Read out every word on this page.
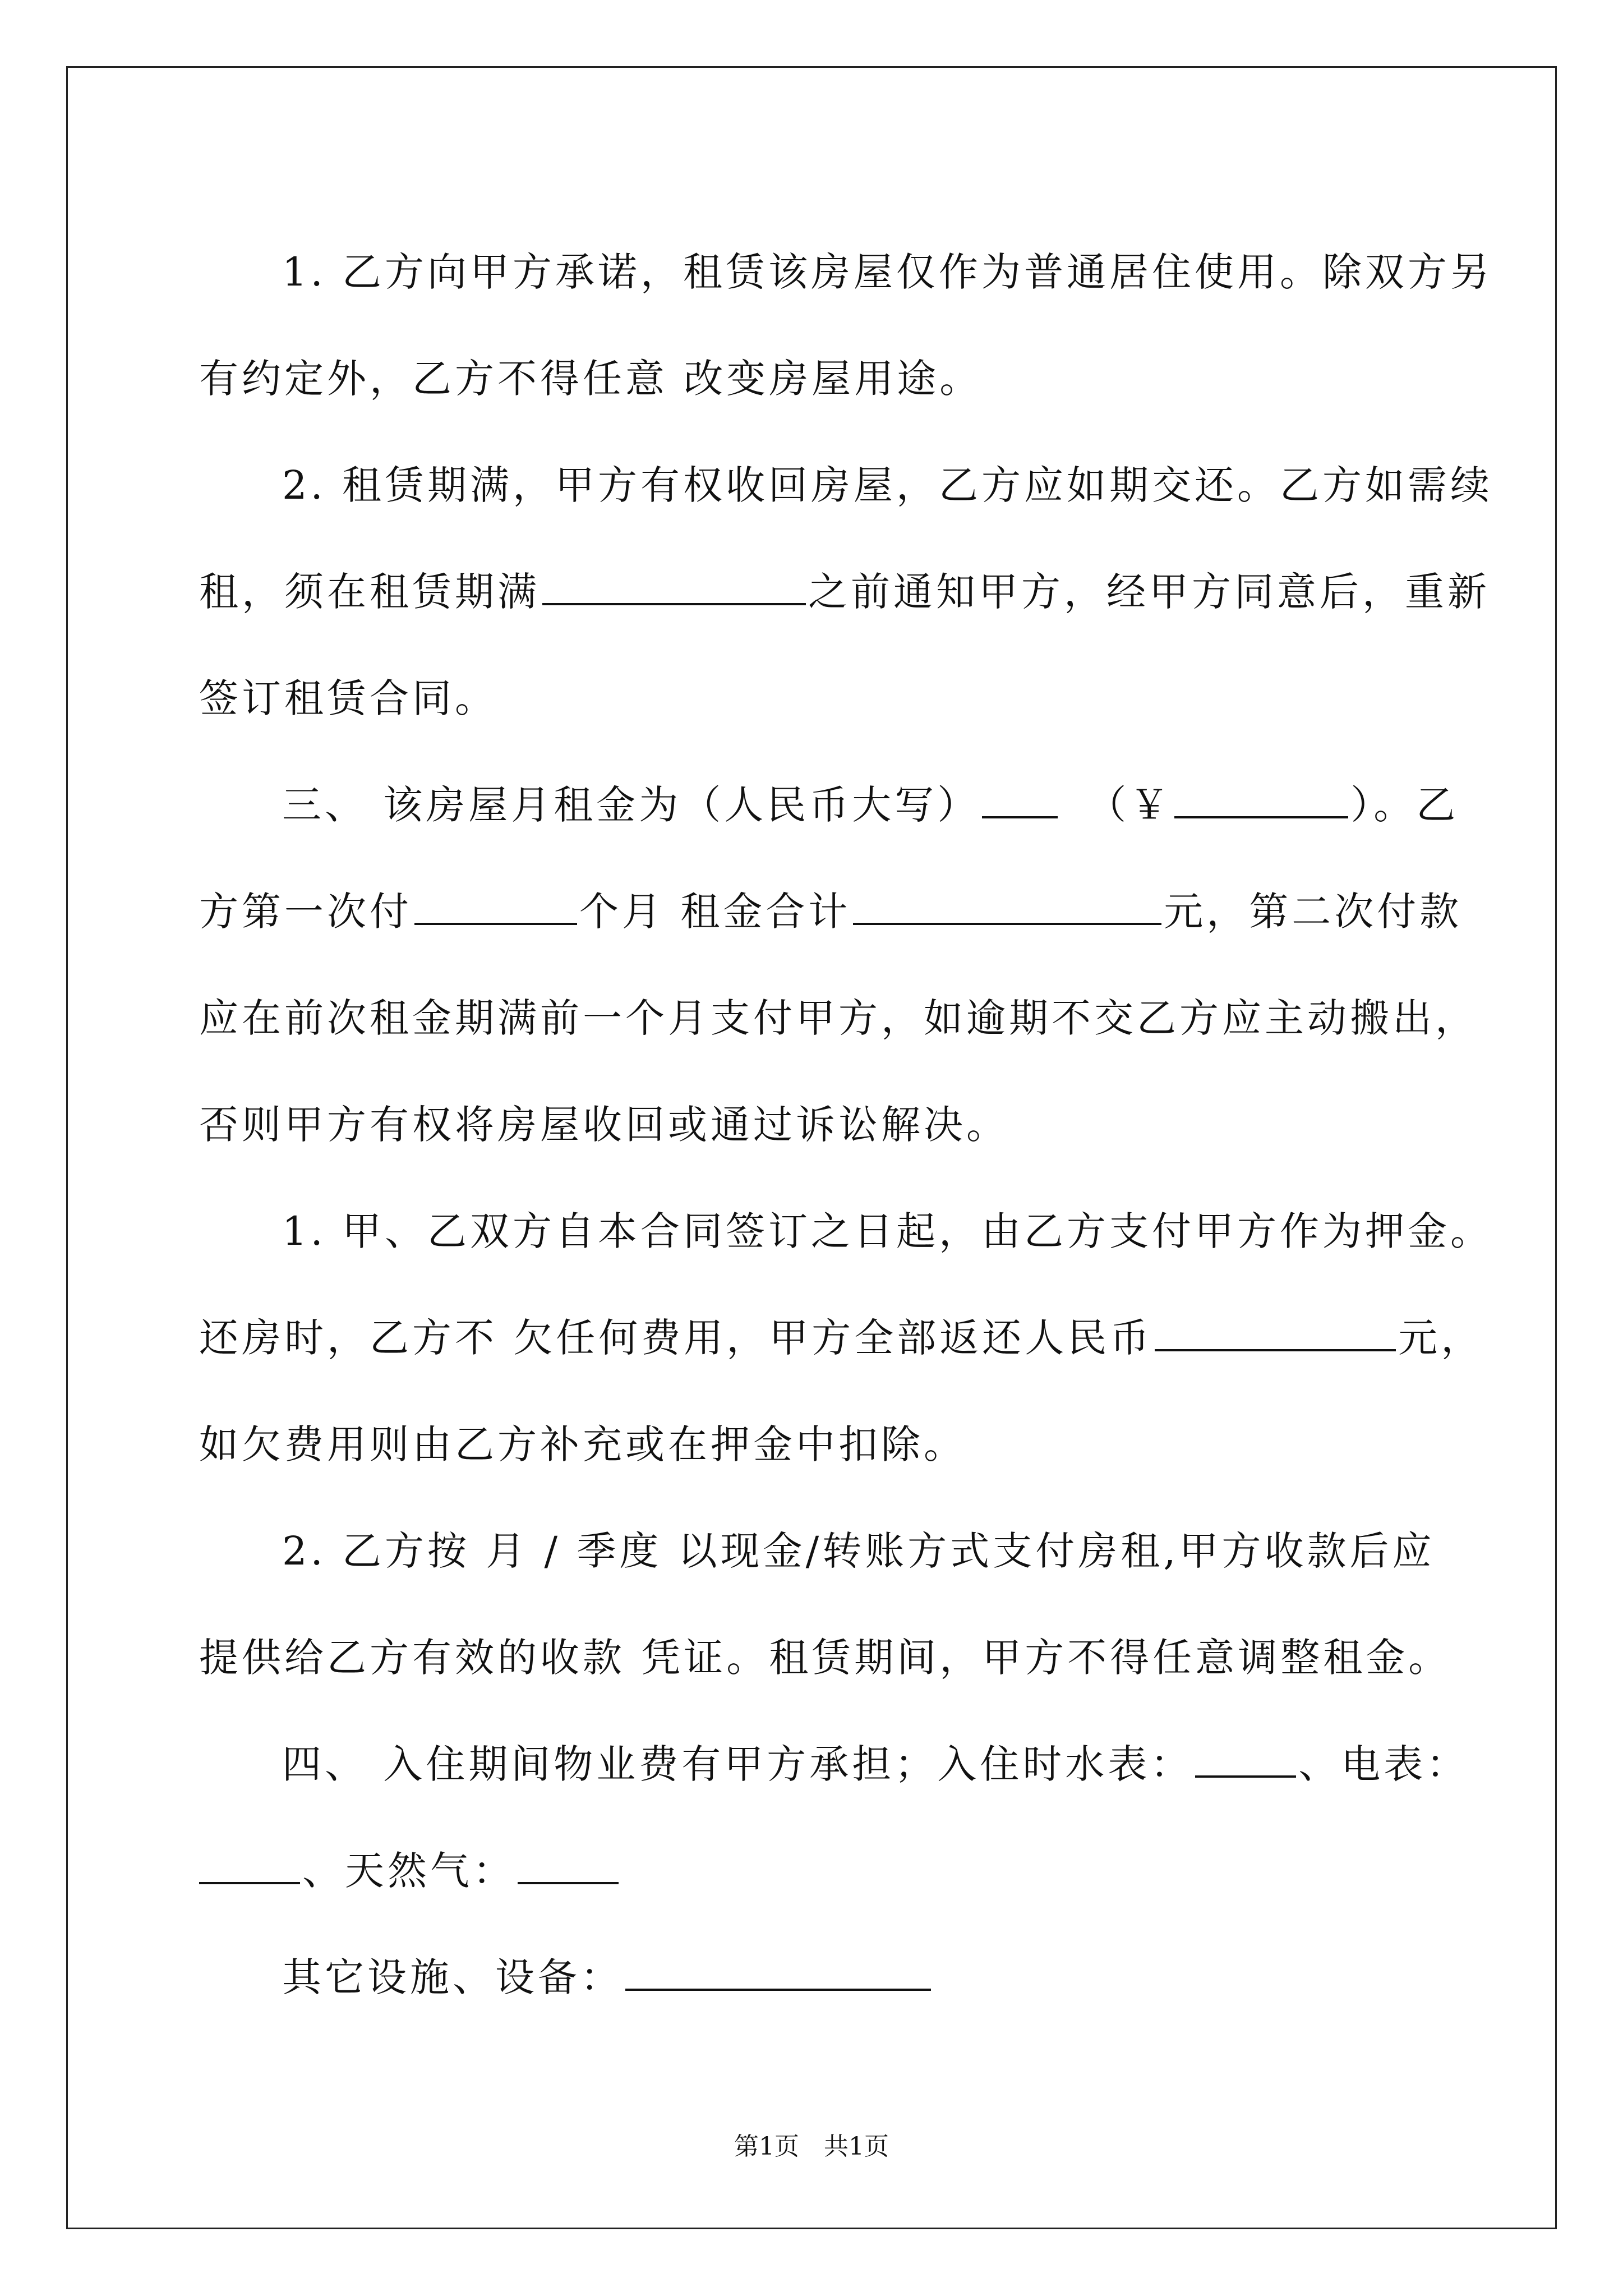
1. 乙方向甲方承诺，租赁该房屋仅作为普通居住使用。除双方另
有约定外，乙方不得任意 改变房屋用途。
2. 租赁期满，甲方有权收回房屋，乙方应如期交还。乙方如需续
租，须在租赁期满	之前通知甲方，经甲方同意后，重新
签订租赁合同。
三、 该房屋月租金为（人民币大写）	（￥	）。乙
方第一次付	个月 租金合计	元，第二次付款
应在前次租金期满前一个月支付甲方，如逾期不交乙方应主动搬出，
否则甲方有权将房屋收回或通过诉讼解决。
1. 甲、乙双方自本合同签订之日起，由乙方支付甲方作为押金。
还房时，乙方不 欠任何费用，甲方全部返还人民币	元，
如欠费用则由乙方补充或在押金中扣除。
2. 乙方按 月 / 季度 以现金/转账方式支付房租,甲方收款后应
提供给乙方有效的收款 凭证。租赁期间，甲方不得任意调整租金。
四、 入住期间物业费有甲方承担；入住时水表：	、电表：
、天然气：
其它设施、设备：
第1页　共1页
